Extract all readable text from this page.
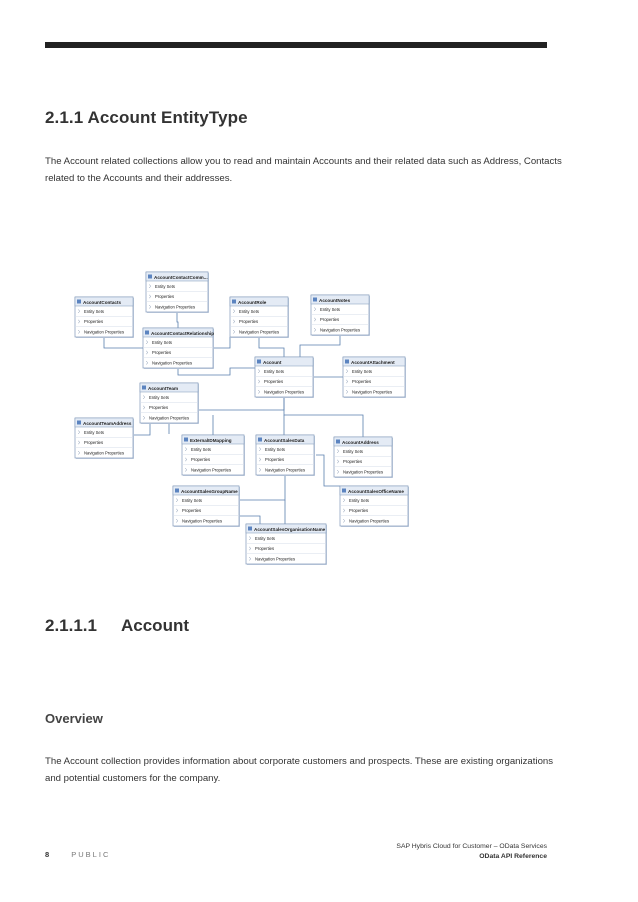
2.1.1 Account EntityType
The Account related collections allow you to read and maintain Accounts and their related data such as Address, Contacts related to the Accounts and their addresses.
AccountContactComm...
Entity Sets
Properties
Navigation Properties
AccountContacts
Entity Sets
Properties
Navigation Properties
AccountRole
Entity Sets
Properties
Navigation Properties
AccountNotes
Entity Sets
Properties
Navigation Properties
AccountContactRelationship
Entity Sets
Properties
Navigation Properties	Account
Entity Sets
Properties
Navigation Properties
AccountAttachment
Entity Sets
Properties
Navigation Properties
AccountTeam
Entity Sets
Properties
Navigation Properties
AccountTeamAddress
Entity Sets
Properties
Navigation Properties
ExternalIDMapping
Entity Sets
Properties
Navigation Properties
AccountSalesData
Entity Sets
Properties
Navigation Properties
AccountAddress
Entity Sets
Properties
Navigation Properties
AccountSalesGroupName
Entity Sets
Properties
Navigation Properties
AccountSalesOfficeName
Entity Sets
Properties
Navigation Properties
AccountSalesOrganisationName
Entity Sets
Properties
Navigation Properties
2.1.1.1 Account
Overview
The Account collection provides information about corporate customers and prospects. These are existing organizations and potential customers for the company.
8	PUBLIC
SAP Hybris Cloud for Customer – OData Services
OData API Reference
